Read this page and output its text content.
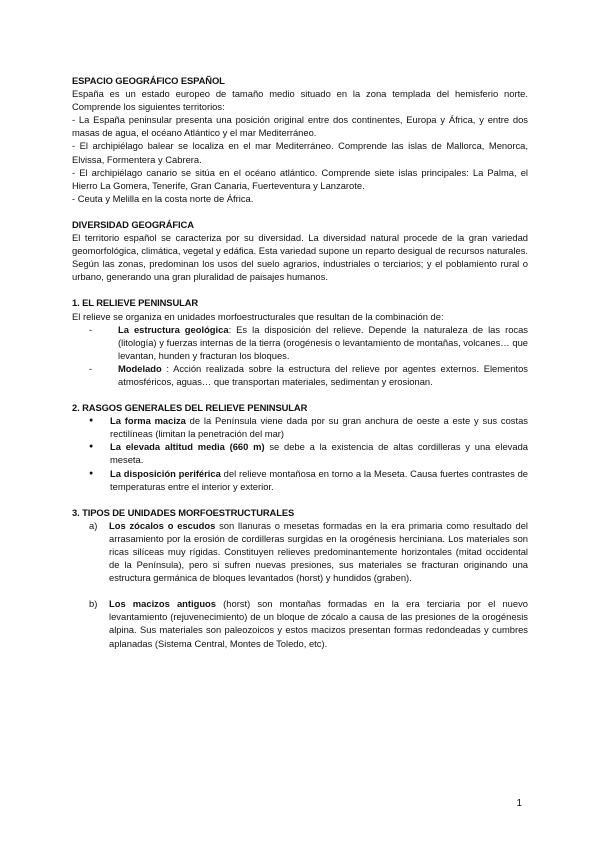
ESPACIO GEOGRÁFICO ESPAÑOL

España es un estado europeo de tamaño medio situado en la zona templada del hemisferio norte. Comprende los siguientes territorios:

- La España peninsular presenta una posición original entre dos continentes, Europa y África, y entre dos masas de agua, el océano Atlántico y el mar Mediterráneo.

- El archipiélago balear se localiza en el mar Mediterráneo. Comprende las islas de Mallorca, Menorca, Elvissa, Formentera y Cabrera.

- El archipiélago canario se sitúa en el océano atlántico. Comprende siete islas principales: La Palma, el Hierro La Gomera, Tenerife, Gran Canaria, Fuerteventura y Lanzarote.

- Ceuta y Melilla en la costa norte de África.

DIVERSIDAD GEOGRÁFICA

El territorio español se caracteriza por su diversidad. La diversidad natural procede de la gran variedad geomorfológica, climática, vegetal y edáfica. Esta variedad supone un reparto desigual de recursos naturales. Según las zonas, predominan los usos del suelo agrarios, industriales o terciarios; y el poblamiento rural o urbano, generando una gran pluralidad de paisajes humanos.

1. EL RELIEVE PENINSULAR

El relieve se organiza en unidades morfoestructurales que resultan de la combinación de:

-	La estructura geológica: Es la disposición del relieve. Depende la naturaleza de las rocas (litología) y fuerzas internas de la tierra (orogénesis o levantamiento de montañas, volcanes… que levantan, hunden y fracturan los bloques.
-	Modelado : Acción realizada sobre la estructura del relieve por agentes externos. Elementos atmosféricos, aguas… que transportan materiales, sedimentan y erosionan.
2. RASGOS GENERALES DEL RELIEVE PENINSULAR
● La forma maciza de la Península viene dada por su gran anchura de oeste a este y sus costas rectilíneas (limitan la penetración del mar)
● La elevada altitud media (660 m) se debe a la existencia de altas cordilleras y una elevada meseta.
● La disposición periférica del relieve montañosa en torno a la Meseta. Causa fuertes contrastes de temperaturas entre el interior y exterior.
3. TIPOS DE UNIDADES MORFOESTRUCTURALES
a) Los zócalos o escudos son llanuras o mesetas formadas en la era primaria como resultado del arrasamiento por la erosión de cordilleras surgidas en la orogénesis herciniana. Los materiales son ricas silíceas muy rígidas. Constituyen relieves predominantemente horizontales (mitad occidental de la Península), pero si sufren nuevas presiones, sus materiales se fracturan originando una estructura germánica de bloques levantados (horst) y hundidos (graben).
b) Los macizos antiguos (horst) son montañas formadas en la era terciaria por el nuevo levantamiento (rejuvenecimiento) de un bloque de zócalo a causa de las presiones de la orogénesis alpina. Sus materiales son paleozoicos y estos macizos presentan formas redondeadas y cumbres aplanadas (Sistema Central, Montes de Toledo, etc).
1
